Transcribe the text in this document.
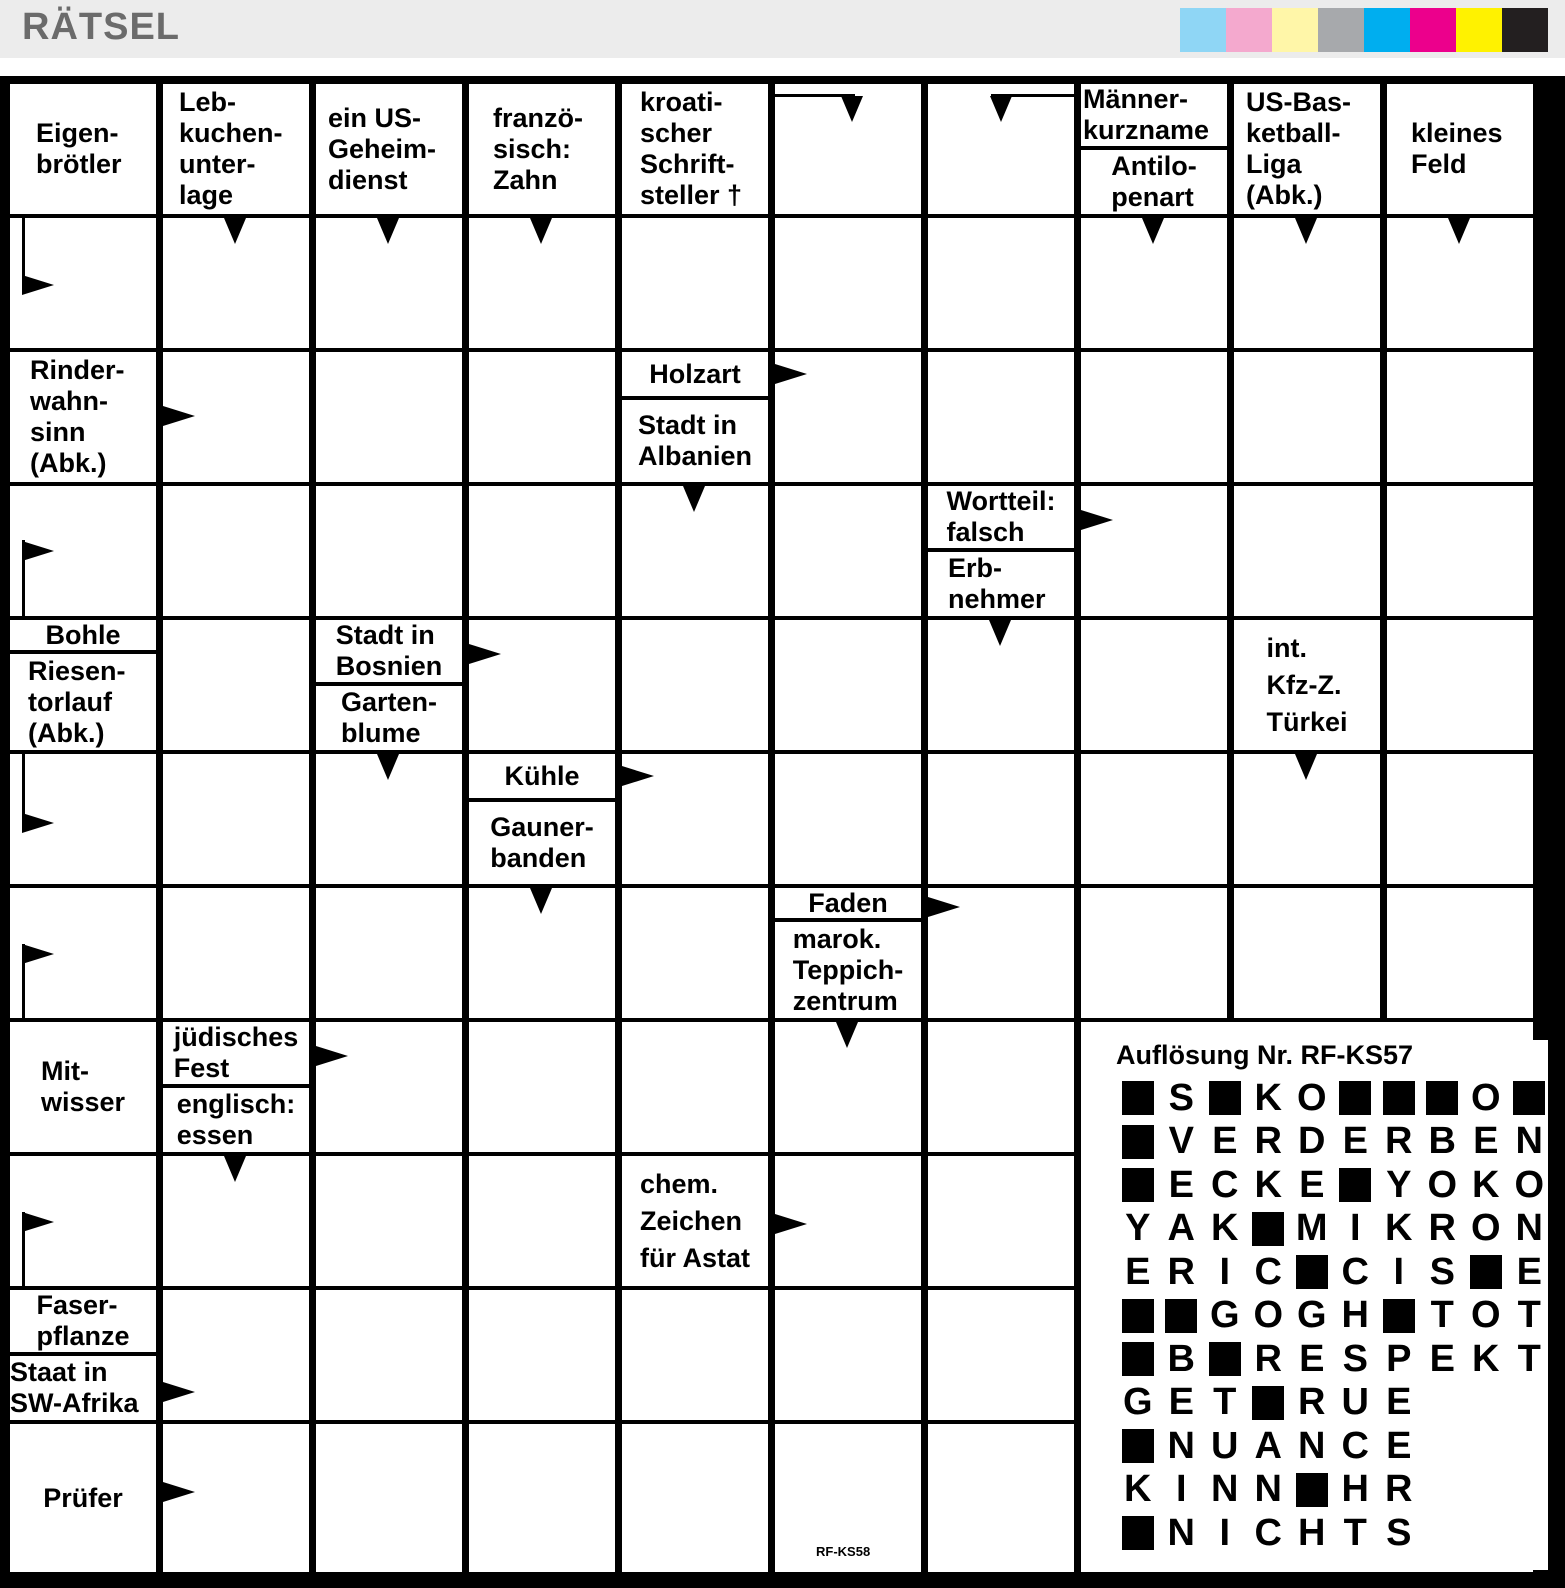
RÄTSEL
Eigen-
brötler
Leb-
kuchen-
unter-
lage
ein US-
Geheim-
dienst
franzö-
sisch:
Zahn
kroati-
scher
Schrift-
steller †
Männer-
kurzname
Antilo-
penart
US-Bas-
ketball-
Liga
(Abk.)
kleines
Feld
Rinder-
wahn-
sinn
(Abk.)
Holzart
Stadt in
Albanien
Wortteil:
falsch
Erb-
nehmer
Bohle
Riesen-
torlauf
(Abk.)
Stadt in
Bosnien
Garten-
blume
int.
Kfz-Z.
Türkei
Kühle
Gauner-
banden
Faden
marok.
Teppich-
zentrum
Mit-
wisser
jüdisches
Fest
englisch:
essen
chem.
Zeichen
für Astat
Faser-
pflanze
Staat in
SW-Afrika
Prüfer
RF-KS58
Auflösung Nr. RF-KS57
S K O	O
V E R D E R B E N
E C K E Y O K O
Y A K M I K R O N
E R I C C I S E
G O G H T O T
B R E S P E K T
G E T R U E
N U A N C E
K I N N H R
N I C H T S
